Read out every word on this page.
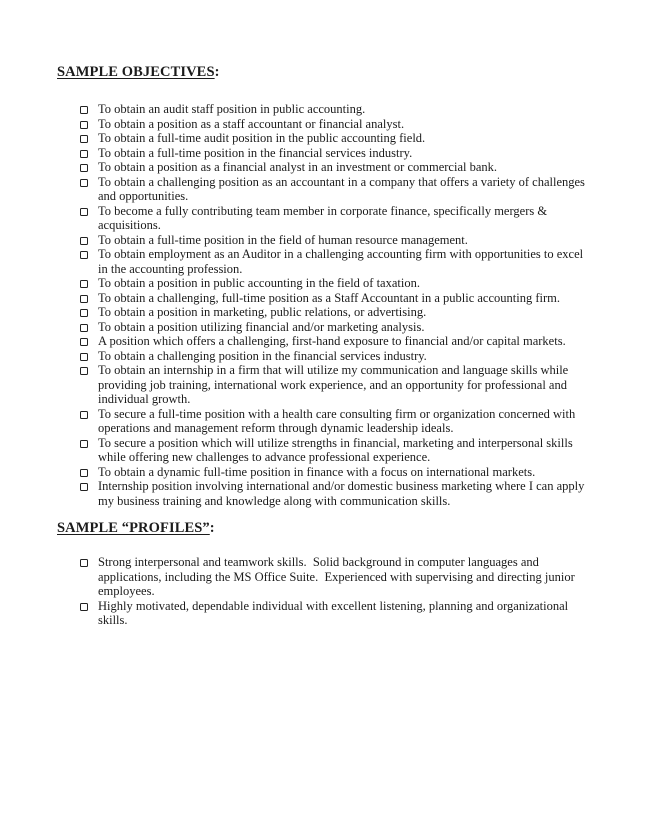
SAMPLE OBJECTIVES:
To obtain an audit staff position in public accounting.
To obtain a position as a staff accountant or financial analyst.
To obtain a full-time audit position in the public accounting field.
To obtain a full-time position in the financial services industry.
To obtain a position as a financial analyst in an investment or commercial bank.
To obtain a challenging position as an accountant in a company that offers a variety of challenges and opportunities.
To become a fully contributing team member in corporate finance, specifically mergers & acquisitions.
To obtain a full-time position in the field of human resource management.
To obtain employment as an Auditor in a challenging accounting firm with opportunities to excel in the accounting profession.
To obtain a position in public accounting in the field of taxation.
To obtain a challenging, full-time position as a Staff Accountant in a public accounting firm.
To obtain a position in marketing, public relations, or advertising.
To obtain a position utilizing financial and/or marketing analysis.
A position which offers a challenging, first-hand exposure to financial and/or capital markets.
To obtain a challenging position in the financial services industry.
To obtain an internship in a firm that will utilize my communication and language skills while providing job training, international work experience, and an opportunity for professional and individual growth.
To secure a full-time position with a health care consulting firm or organization concerned with operations and management reform through dynamic leadership ideals.
To secure a position which will utilize strengths in financial, marketing and interpersonal skills while offering new challenges to advance professional experience.
To obtain a dynamic full-time position in finance with a focus on international markets.
Internship position involving international and/or domestic business marketing where I can apply my business training and knowledge along with communication skills.
SAMPLE “PROFILES”:
Strong interpersonal and teamwork skills.  Solid background in computer languages and applications, including the MS Office Suite.  Experienced with supervising and directing junior employees.
Highly motivated, dependable individual with excellent listening, planning and organizational skills.
